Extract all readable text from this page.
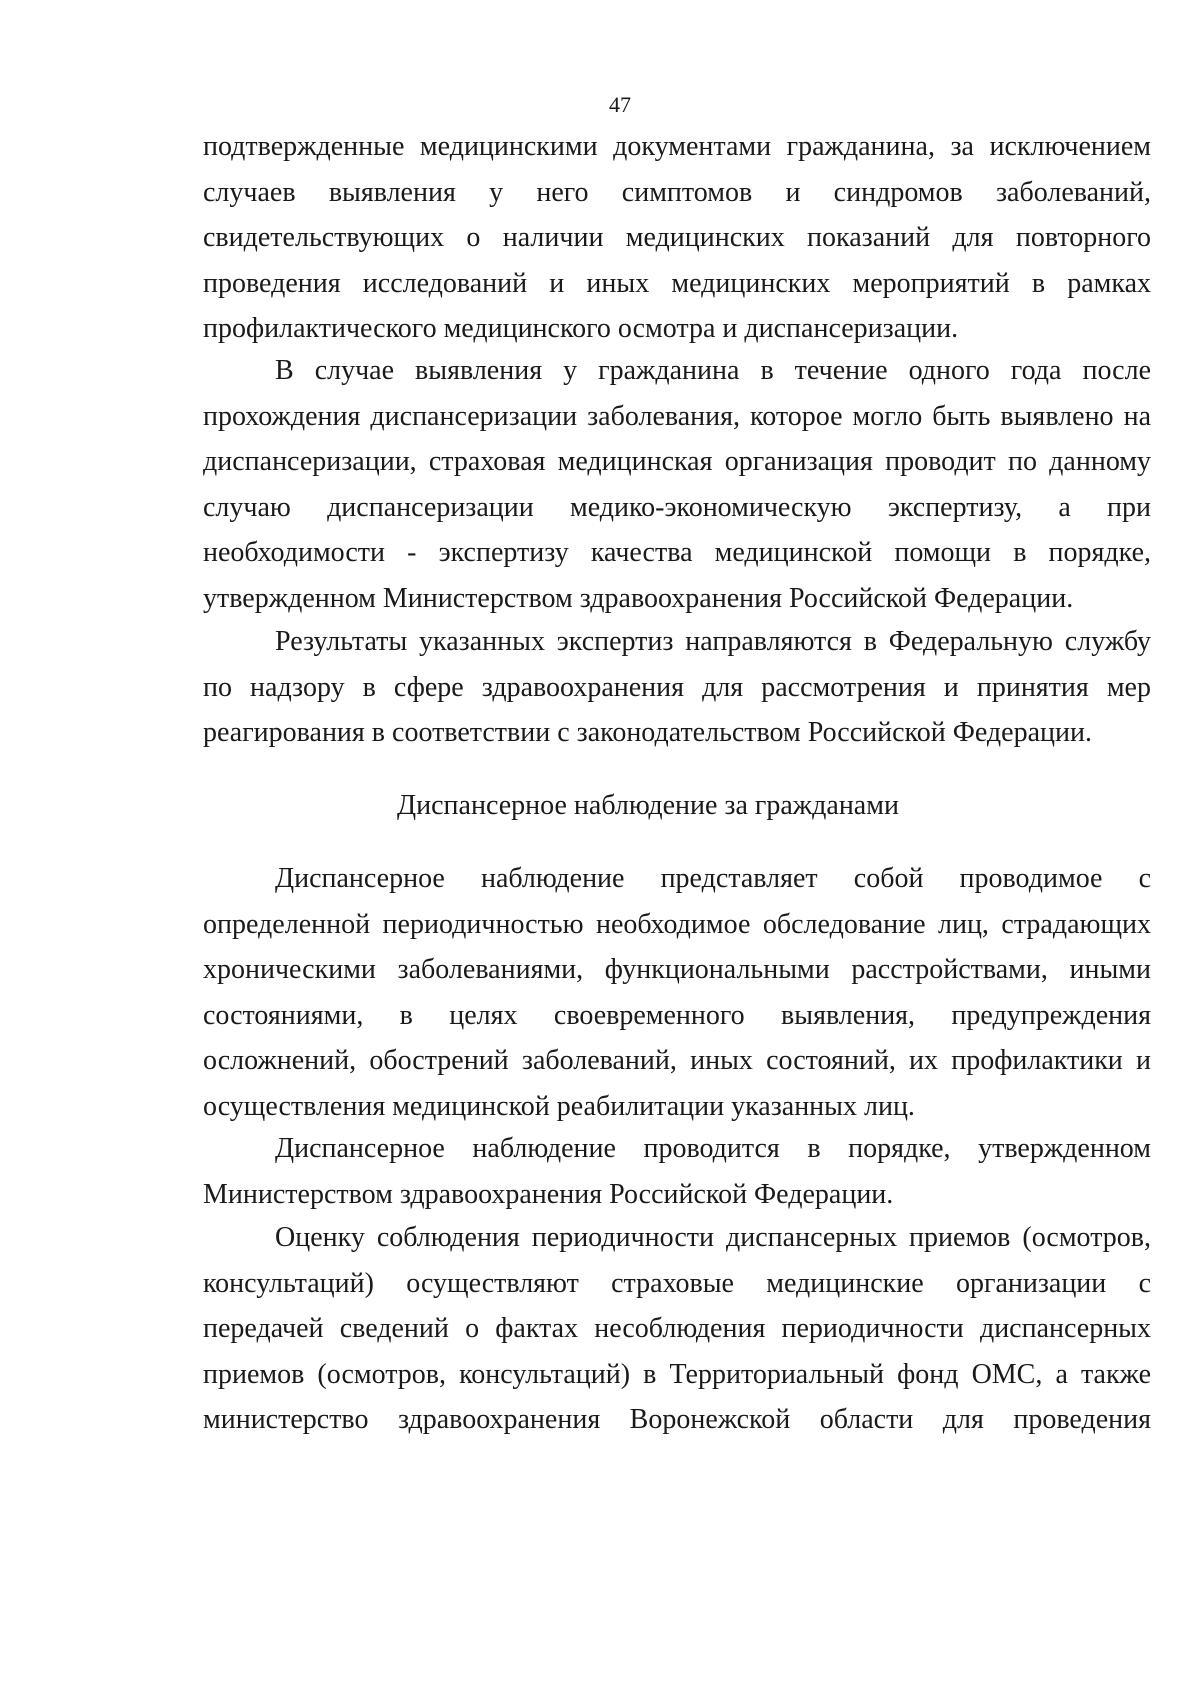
47
подтвержденные медицинскими документами гражданина, за исключением
случаев выявления у него симптомов и синдромов заболеваний,
свидетельствующих о наличии медицинских показаний для повторного
проведения исследований и иных медицинских мероприятий в рамках
профилактического медицинского осмотра и диспансеризации.
В случае выявления у гражданина в течение одного года после
прохождения диспансеризации заболевания, которое могло быть выявлено на
диспансеризации, страховая медицинская организация проводит по данному
случаю диспансеризации медико-экономическую экспертизу, а при
необходимости - экспертизу качества медицинской помощи в порядке,
утвержденном Министерством здравоохранения Российской Федерации.
Результаты указанных экспертиз направляются в Федеральную службу
по надзору в сфере здравоохранения для рассмотрения и принятия мер
реагирования в соответствии с законодательством Российской Федерации.
Диспансерное наблюдение за гражданами
Диспансерное наблюдение представляет собой проводимое с
определенной периодичностью необходимое обследование лиц, страдающих
хроническими заболеваниями, функциональными расстройствами, иными
состояниями, в целях своевременного выявления, предупреждения
осложнений, обострений заболеваний, иных состояний, их профилактики и
осуществления медицинской реабилитации указанных лиц.
Диспансерное наблюдение проводится в порядке, утвержденном
Министерством здравоохранения Российской Федерации.
Оценку соблюдения периодичности диспансерных приемов (осмотров,
консультаций) осуществляют страховые медицинские организации с
передачей сведений о фактах несоблюдения периодичности диспансерных
приемов (осмотров, консультаций) в Территориальный фонд ОМС, а также
министерство здравоохранения Воронежской области для проведения
